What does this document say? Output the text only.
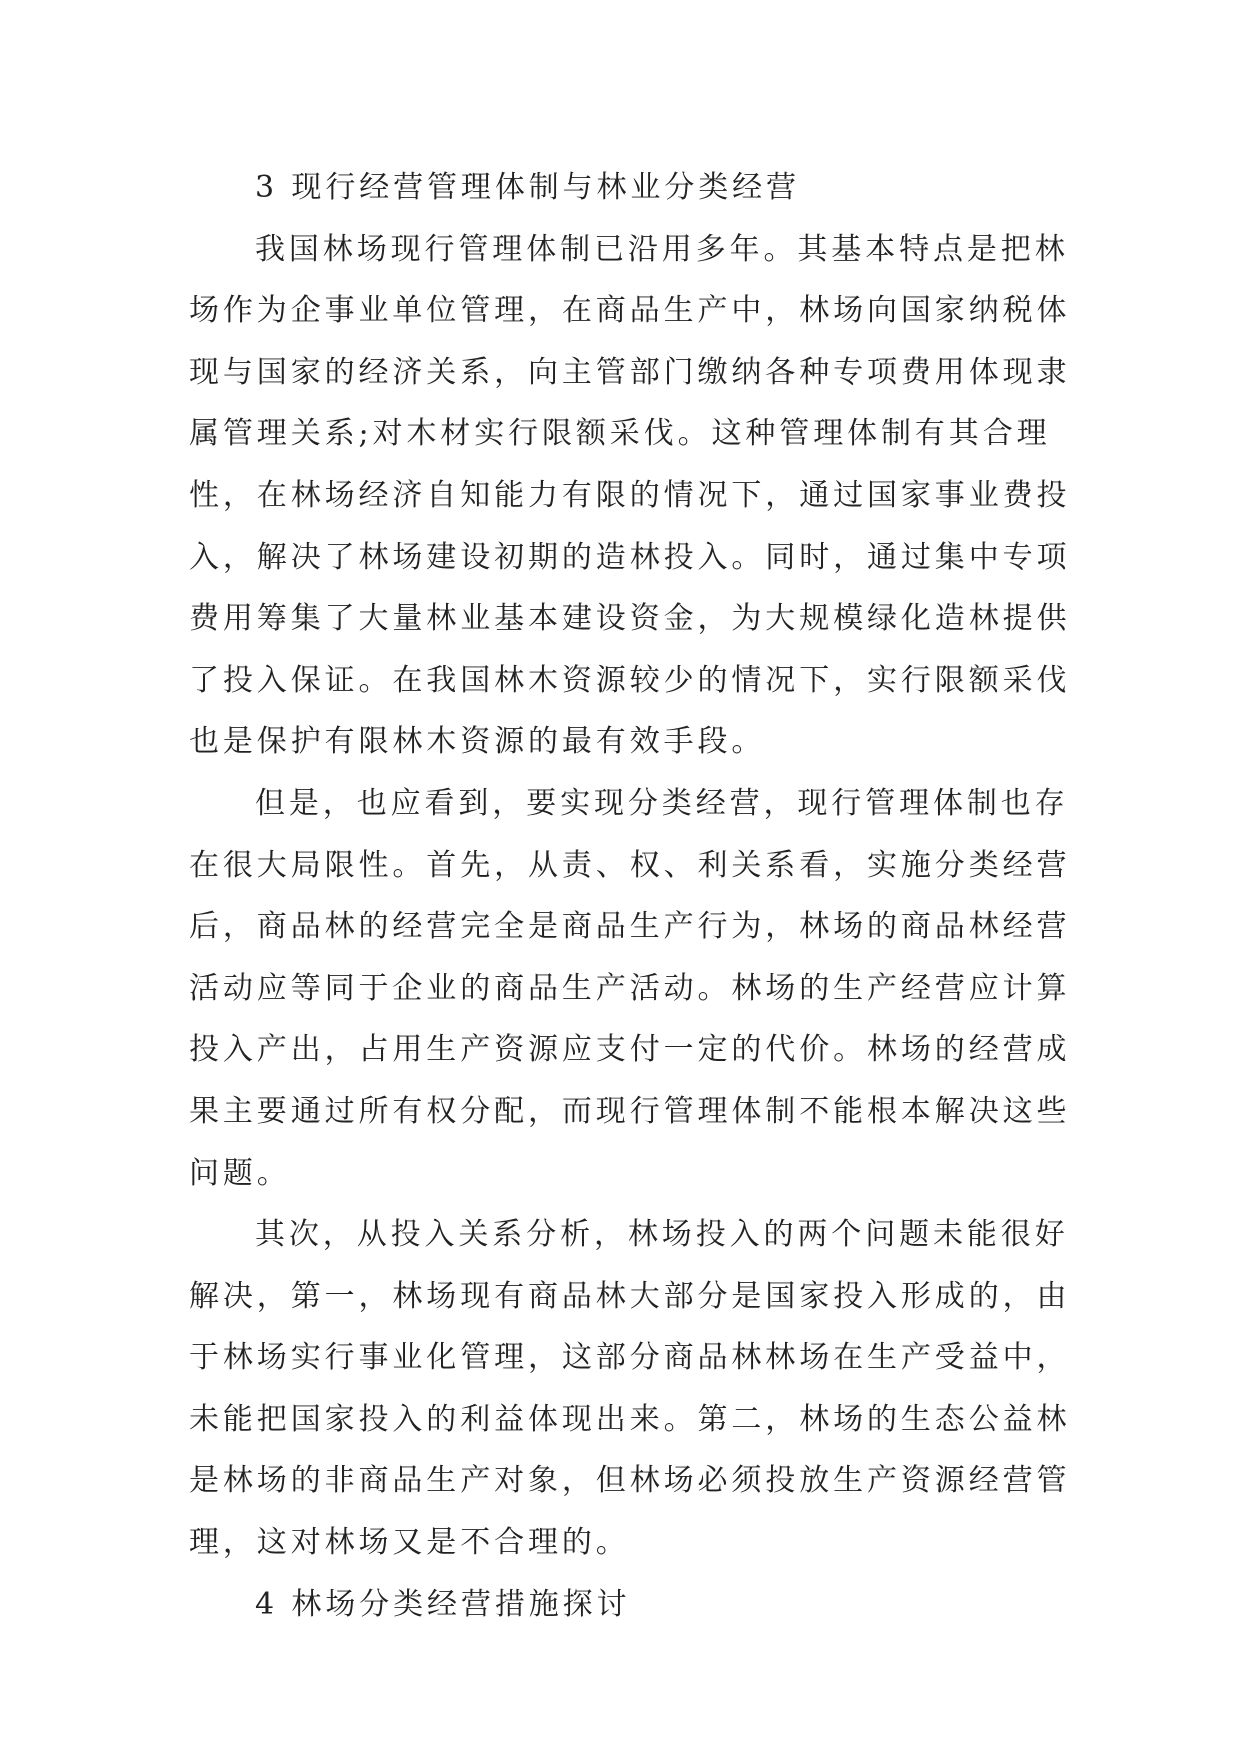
3 现行经营管理体制与林业分类经营
我国林场现行管理体制已沿用多年。其基本特点是把林
场作为企事业单位管理，在商品生产中，林场向国家纳税体
现与国家的经济关系，向主管部门缴纳各种专项费用体现隶
属管理关系;对木材实行限额采伐。这种管理体制有其合理
性，在林场经济自知能力有限的情况下，通过国家事业费投
入，解决了林场建设初期的造林投入。同时，通过集中专项
费用筹集了大量林业基本建设资金，为大规模绿化造林提供
了投入保证。在我国林木资源较少的情况下，实行限额采伐
也是保护有限林木资源的最有效手段。
但是，也应看到，要实现分类经营，现行管理体制也存
在很大局限性。首先，从责、权、利关系看，实施分类经营
后，商品林的经营完全是商品生产行为，林场的商品林经营
活动应等同于企业的商品生产活动。林场的生产经营应计算
投入产出，占用生产资源应支付一定的代价。林场的经营成
果主要通过所有权分配，而现行管理体制不能根本解决这些
问题。
其次，从投入关系分析，林场投入的两个问题未能很好
解决，第一，林场现有商品林大部分是国家投入形成的，由
于林场实行事业化管理，这部分商品林林场在生产受益中，
未能把国家投入的利益体现出来。第二，林场的生态公益林
是林场的非商品生产对象，但林场必须投放生产资源经营管
理，这对林场又是不合理的。
4 林场分类经营措施探讨
